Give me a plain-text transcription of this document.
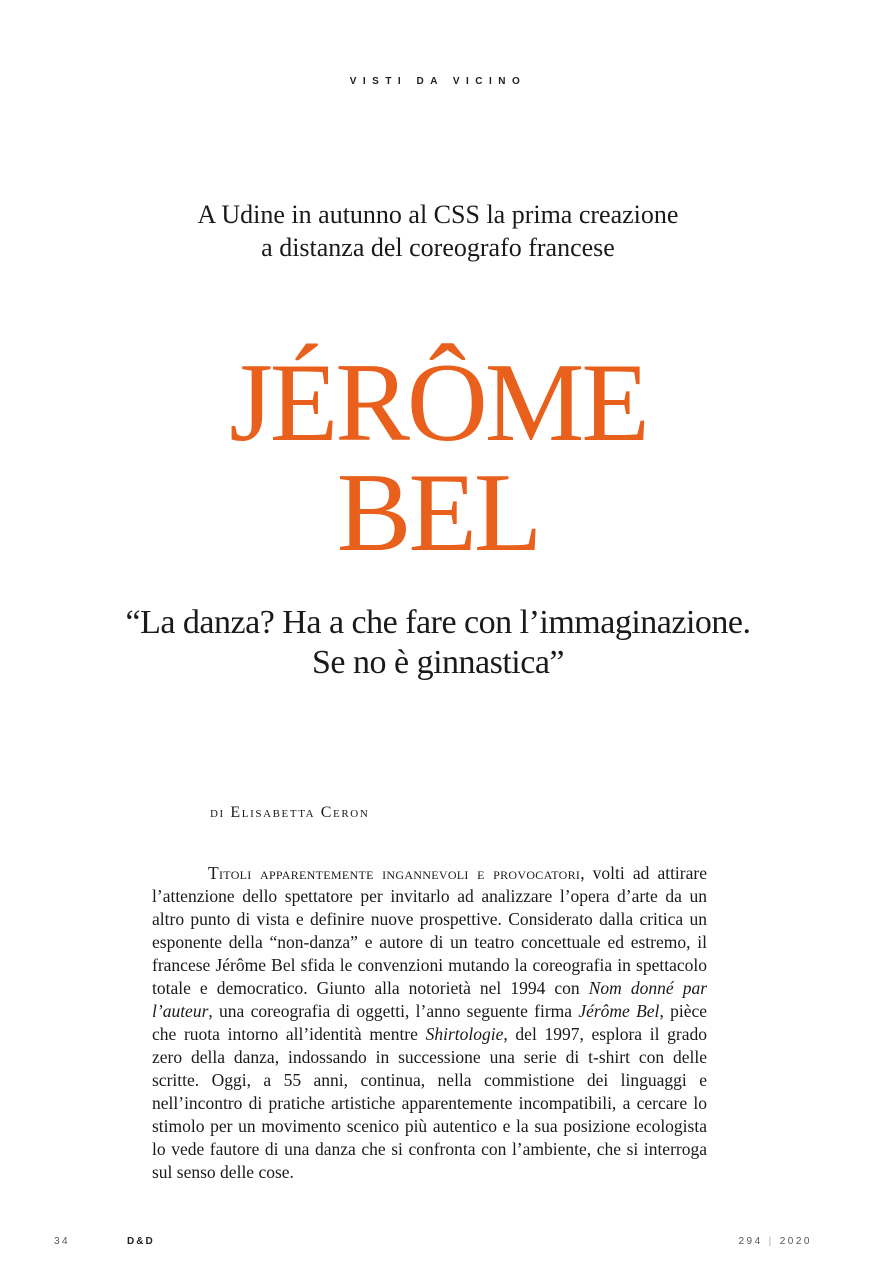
VISTI DA VICINO
A Udine in autunno al CSS la prima creazione
a distanza del coreografo francese
JÉRÔME
BEL
“La danza? Ha a che fare con l’immaginazione.
Se no è ginnastica”
di Elisabetta Ceron

Titoli apparentemente ingannevoli e provocatori, volti ad attirare l’attenzione dello spettatore per invitarlo ad analizzare l’opera d’arte da un altro punto di vista e definire nuove prospettive. Considerato dalla critica un esponente della “non-danza” e autore di un teatro concettuale ed estremo, il francese Jérôme Bel sfida le convenzioni mutando la coreografia in spettacolo totale e democratico. Giunto alla notorietà nel 1994 con Nom donné par l’auteur, una coreografia di oggetti, l’anno seguente firma Jérôme Bel, pièce che ruota intorno all’identità mentre Shirtologie, del 1997, esplora il grado zero della danza, indossando in successione una serie di t-shirt con delle scritte. Oggi, a 55 anni, continua, nella commistione dei linguaggi e nell’incontro di pratiche artistiche apparentemente incompatibili, a cercare lo stimolo per un movimento scenico più autentico e la sua posizione ecologista lo vede fautore di una danza che si confronta con l’ambiente, che si interroga sul senso delle cose.

34	D&D	294 | 2020
